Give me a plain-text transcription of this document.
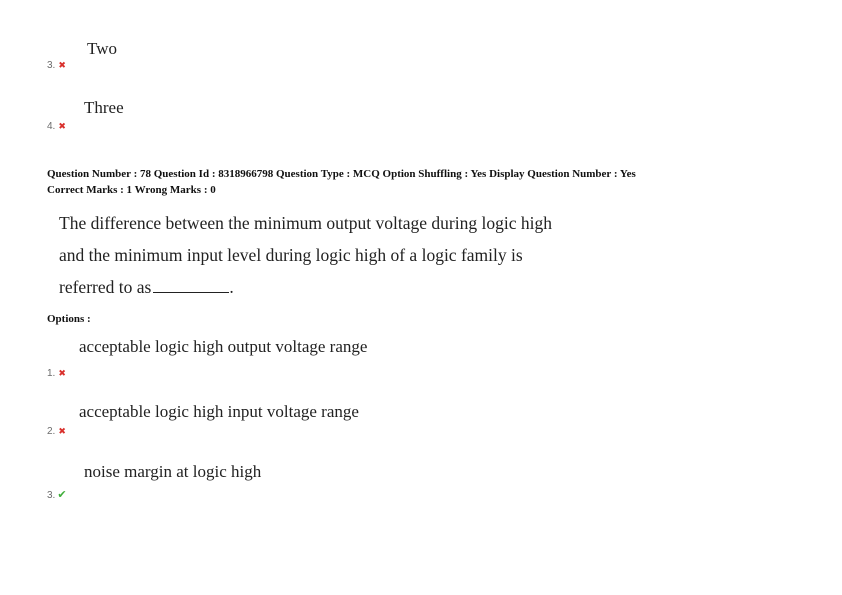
Two
3. ✖
Three
4. ✖
Question Number : 78 Question Id : 8318966798 Question Type : MCQ Option Shuffling : Yes Display Question Number : Yes
Correct Marks : 1 Wrong Marks : 0
The difference between the minimum output voltage during logic high
and the minimum input level during logic high of a logic family is
referred to as	.
Options :
acceptable logic high output voltage range
1. ✖
acceptable logic high input voltage range
2. ✖
noise margin at logic high
3. ✔
